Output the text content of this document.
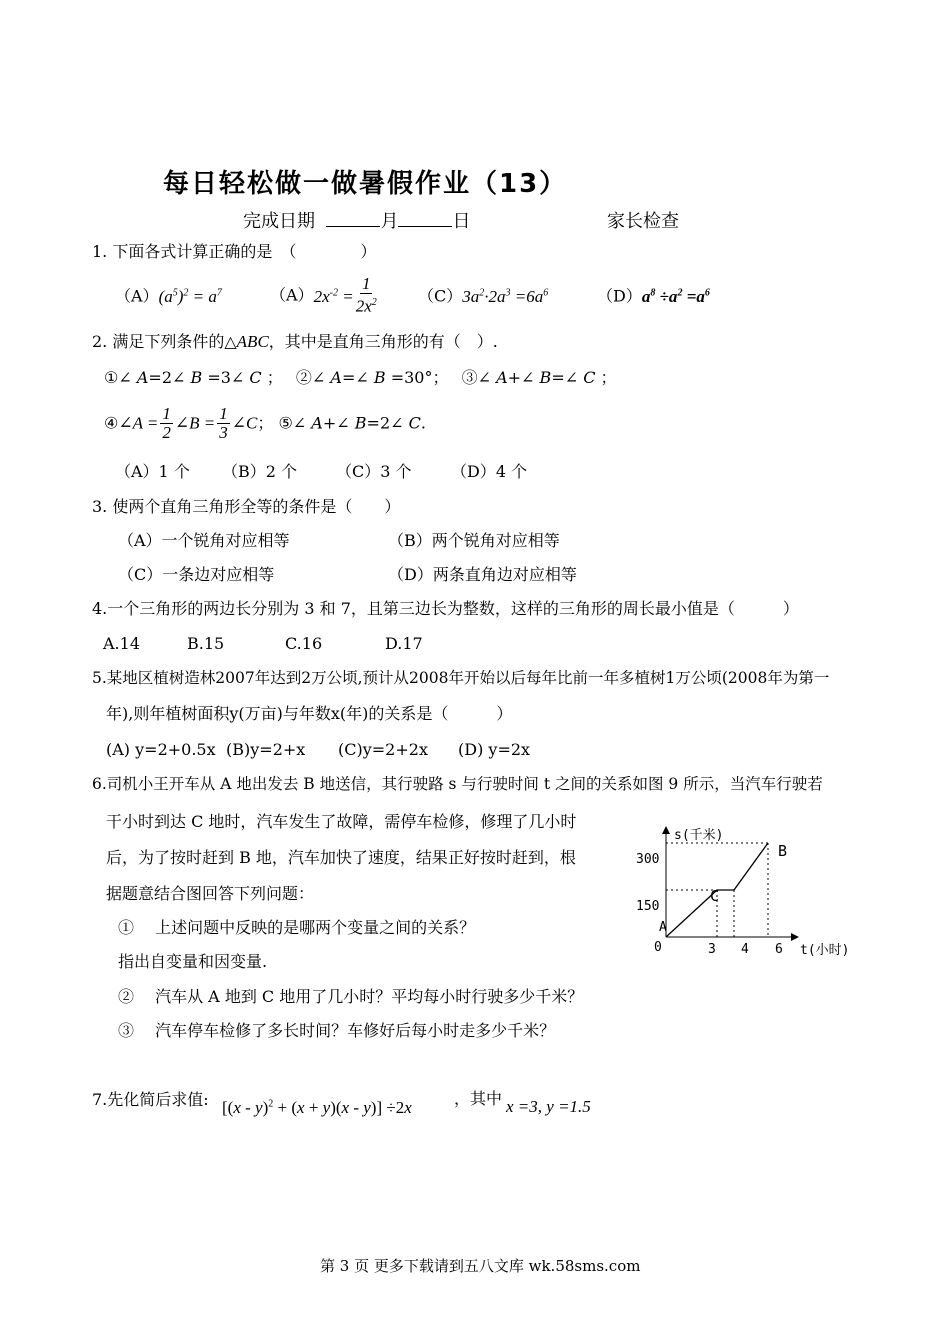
每日轻松做一做暑假作业（13）
完成日期	月	日	家长检查
1. 下面各式计算正确的是　（　　　　）
$(A)(a^5)^2 = a^7$	$(A)2x^{-2} = \frac{1}{2x^2}$	$(C)3a^2\cdot 2a^3 =6a^6$	$(D)a^8 \div a^2 =a^6$
2. 满足下列条件的△ABC，其中是直角三角形的有（　）.
①∠ A=2∠ B =3∠ C ；　 ②∠ A=∠ B =30°；　 ③∠ A+∠ B=∠ C ；
④∠A = $\frac{1}{2}$ ∠B = $\frac{1}{3}$ ∠C； ⑤∠ A+∠ B=2∠ C.
（A）1 个 （B）2 个 （C）3 个 （D）4 个
3. 使两个直角三角形全等的条件是（　　）
（A）一个锐角对应相等	（B）两个锐角对应相等
（C）一条边对应相等	（D）两条直角边对应相等
4.一个三角形的两边长分别为 3 和 7，且第三边长为整数，这样的三角形的周长最小值是（　　　）
A.14	B.15	C.16	D.17
5.某地区植树造林2007年达到2万公顷,预计从2008年开始以后每年比前一年多植树1万公顷(2008年为第一
年),则年植树面积y(万亩)与年数x(年)的关系是（　　　）
(A) y=2+0.5x (B)y=2+x (C)y=2+2x (D) y=2x
6.司机小王开车从 A 地出发去 B 地送信，其行驶路 s 与行驶时间 t 之间的关系如图 9 所示，当汽车行驶若
干小时到达 C 地时，汽车发生了故障，需停车检修，修理了几小时
后，为了按时赶到 B 地，汽车加快了速度，结果正好按时赶到，根
据题意结合图回答下列问题：
①　 上述问题中反映的是哪两个变量之间的关系？
指出自变量和因变量.
②　 汽车从 A 地到 C 地用了几小时？平均每小时行驶多少千米？
③　 汽车停车检修了多长时间？车修好后每小时走多少千米？
s(千米)
t(小时)
0
300
150
3 4 6
A
C
B
7.先化简后求值: [(x - y)$^2$ + (x + y)(x - y)] ÷2x	，其中 x =3, y =1.5
第 3 页 更多下载请到五八文库 wk.58sms.com
